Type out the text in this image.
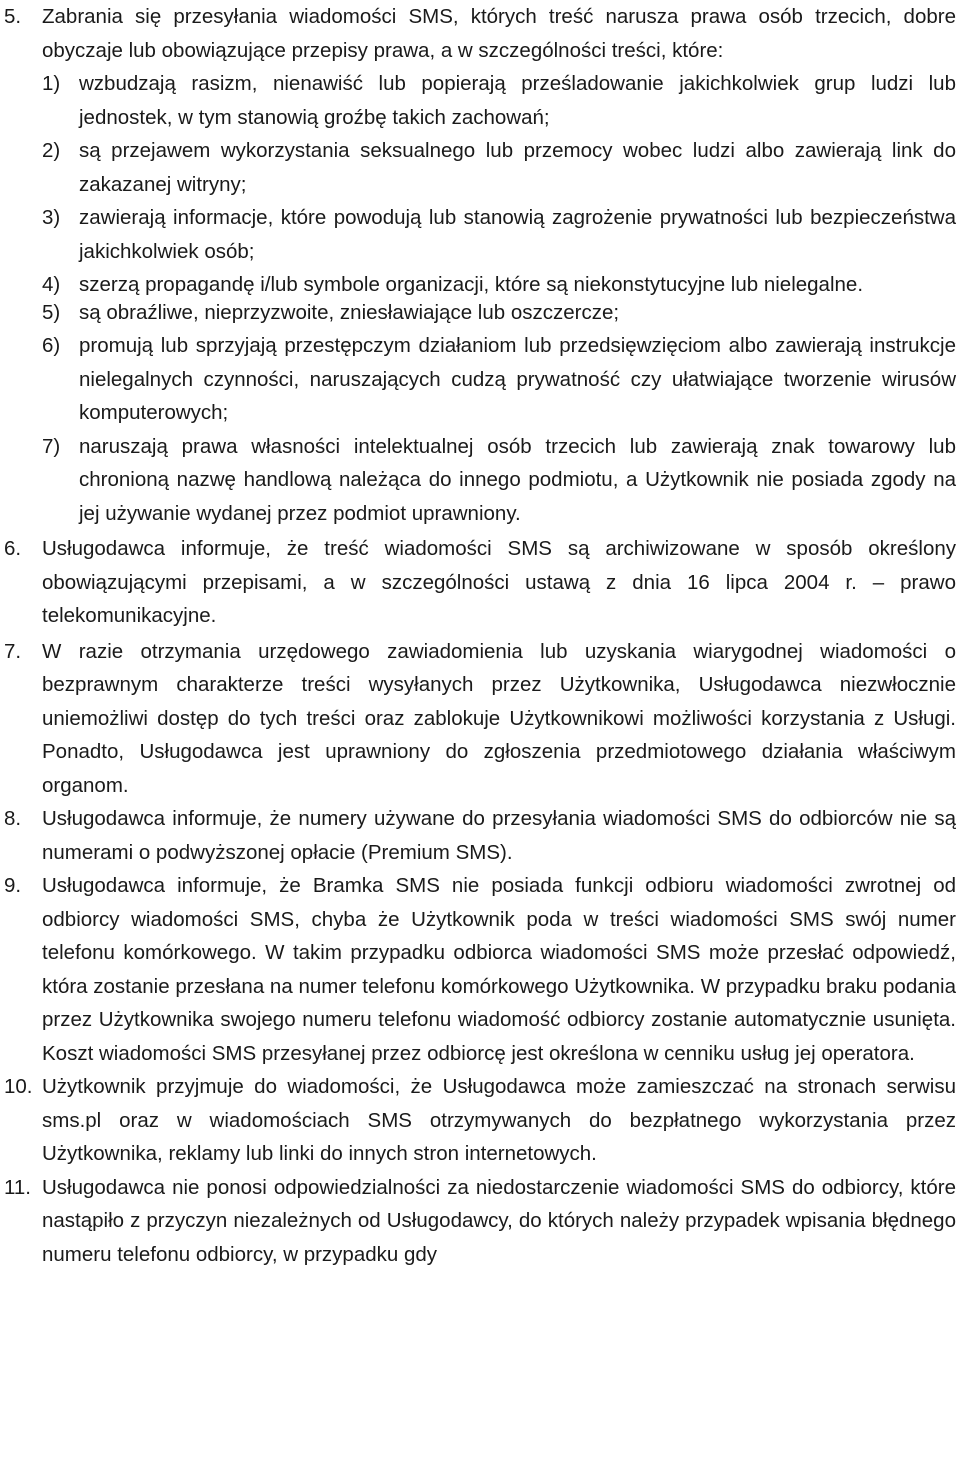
5. Zabrania się przesyłania wiadomości SMS, których treść narusza prawa osób trzecich, dobre obyczaje lub obowiązujące przepisy prawa, a w szczególności treści, które:
1) wzbudzają rasizm, nienawiść lub popierają prześladowanie jakichkolwiek grup ludzi lub jednostek, w tym stanowią groźbę takich zachowań;
2) są przejawem wykorzystania seksualnego lub przemocy wobec ludzi albo zawierają link do zakazanej witryny;
3) zawierają informacje, które powodują lub stanowią zagrożenie prywatności lub bezpieczeństwa jakichkolwiek osób;
4) szerzą propagandę i/lub symbole organizacji, które są niekonstytucyjne lub nielegalne.
5) są obraźliwe, nieprzyzwoite, zniesławiające lub oszczercze;
6) promują lub sprzyjają przestępczym działaniom lub przedsięwzięciom albo zawierają instrukcje nielegalnych czynności, naruszających cudzą prywatność czy ułatwiające tworzenie wirusów komputerowych;
7) naruszają prawa własności intelektualnej osób trzecich lub zawierają znak towarowy lub chronioną nazwę handlową należąca do innego podmiotu, a Użytkownik nie posiada zgody na jej używanie wydanej przez podmiot uprawniony.
6. Usługodawca informuje, że treść wiadomości SMS są archiwizowane w sposób określony obowiązującymi przepisami, a w szczególności ustawą z dnia 16 lipca 2004 r. – prawo telekomunikacyjne.
7. W razie otrzymania urzędowego zawiadomienia lub uzyskania wiarygodnej wiadomości o bezprawnym charakterze treści wysyłanych przez Użytkownika, Usługodawca niezwłocznie uniemożliwi dostęp do tych treści oraz zablokuje Użytkownikowi możliwości korzystania z Usługi. Ponadto, Usługodawca jest uprawniony do zgłoszenia przedmiotowego działania właściwym organom.
8. Usługodawca informuje, że numery używane do przesyłania wiadomości SMS do odbiorców nie są numerami o podwyższonej opłacie (Premium SMS).
9. Usługodawca informuje, że Bramka SMS nie posiada funkcji odbioru wiadomości zwrotnej od odbiorcy wiadomości SMS, chyba że Użytkownik poda w treści wiadomości SMS swój numer telefonu komórkowego. W takim przypadku odbiorca wiadomości SMS może przesłać odpowiedź, która zostanie przesłana na numer telefonu komórkowego Użytkownika. W przypadku braku podania przez Użytkownika swojego numeru telefonu wiadomość odbiorcy zostanie automatycznie usunięta. Koszt wiadomości SMS przesyłanej przez odbiorcę jest określona w cenniku usług jej operatora.
10. Użytkownik przyjmuje do wiadomości, że Usługodawca może zamieszczać na stronach serwisu sms.pl oraz w wiadomościach SMS otrzymywanych do bezpłatnego wykorzystania przez Użytkownika, reklamy lub linki do innych stron internetowych.
11. Usługodawca nie ponosi odpowiedzialności za niedostarczenie wiadomości SMS do odbiorcy, które nastąpiło z przyczyn niezależnych od Usługodawcy, do których należy przypadek wpisania błędnego numeru telefonu odbiorcy, w przypadku gdy
